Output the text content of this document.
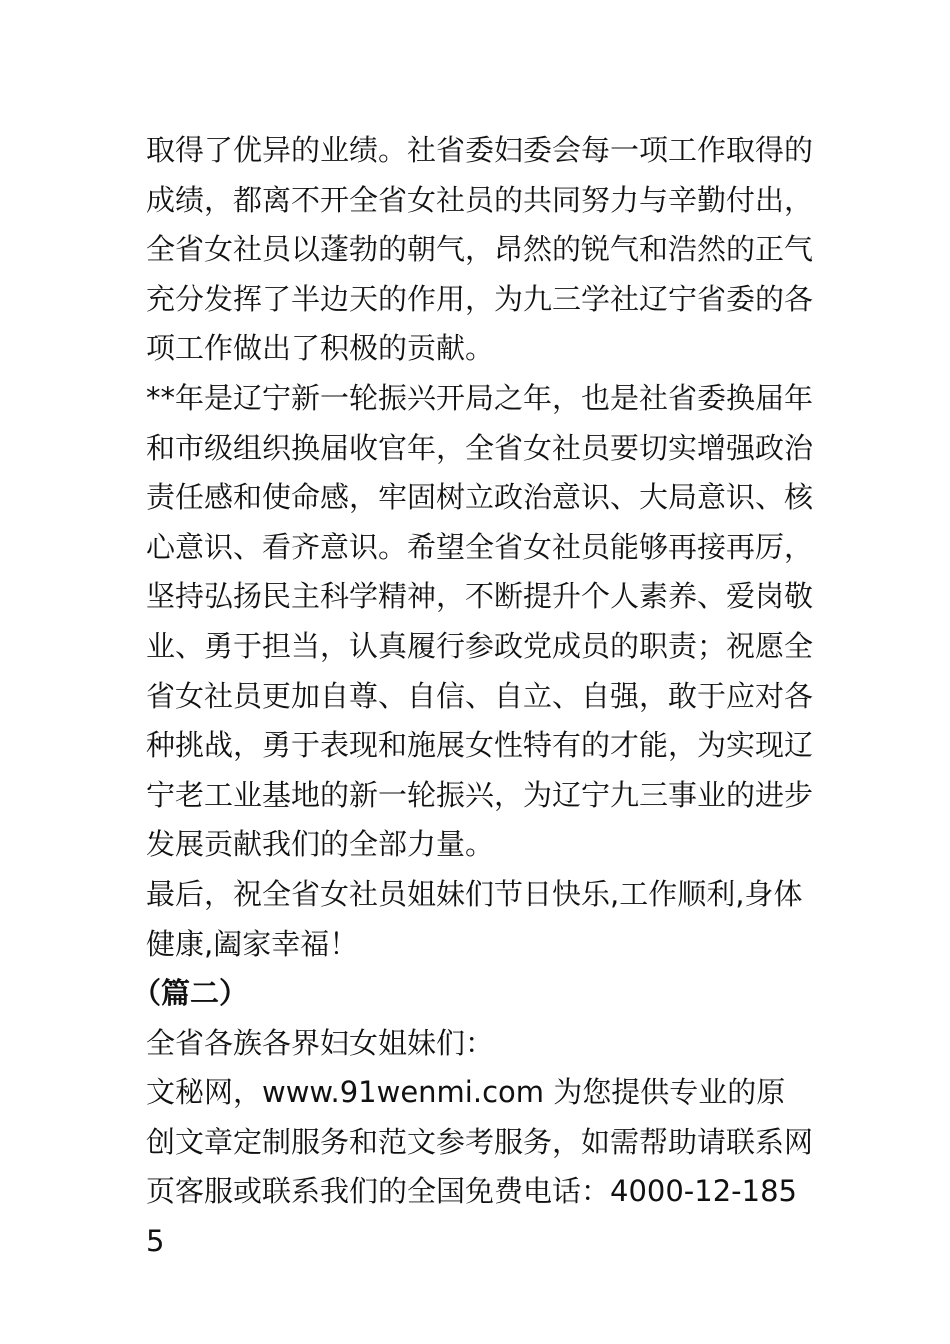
取得了优异的业绩。社省委妇委会每一项工作取得的成绩，都离不开全省女社员的共同努力与辛勤付出，全省女社员以蓬勃的朝气，昂然的锐气和浩然的正气充分发挥了半边天的作用，为九三学社辽宁省委的各项工作做出了积极的贡献。

**年是辽宁新一轮振兴开局之年，也是社省委换届年和市级组织换届收官年，全省女社员要切实增强政治责任感和使命感，牢固树立政治意识、大局意识、核心意识、看齐意识。希望全省女社员能够再接再厉，坚持弘扬民主科学精神，不断提升个人素养、爱岗敬业、勇于担当，认真履行参政党成员的职责；祝愿全省女社员更加自尊、自信、自立、自强，敢于应对各种挑战，勇于表现和施展女性特有的才能，为实现辽宁老工业基地的新一轮振兴，为辽宁九三事业的进步发展贡献我们的全部力量。

最后，祝全省女社员姐妹们节日快乐,工作顺利,身体健康,阖家幸福！

（篇二）

全省各族各界妇女姐妹们：

文秘网，www.91wenmi.com 为您提供专业的原创文章定制服务和范文参考服务，如需帮助请联系网页客服或联系我们的全国免费电话：4000-12-1855
